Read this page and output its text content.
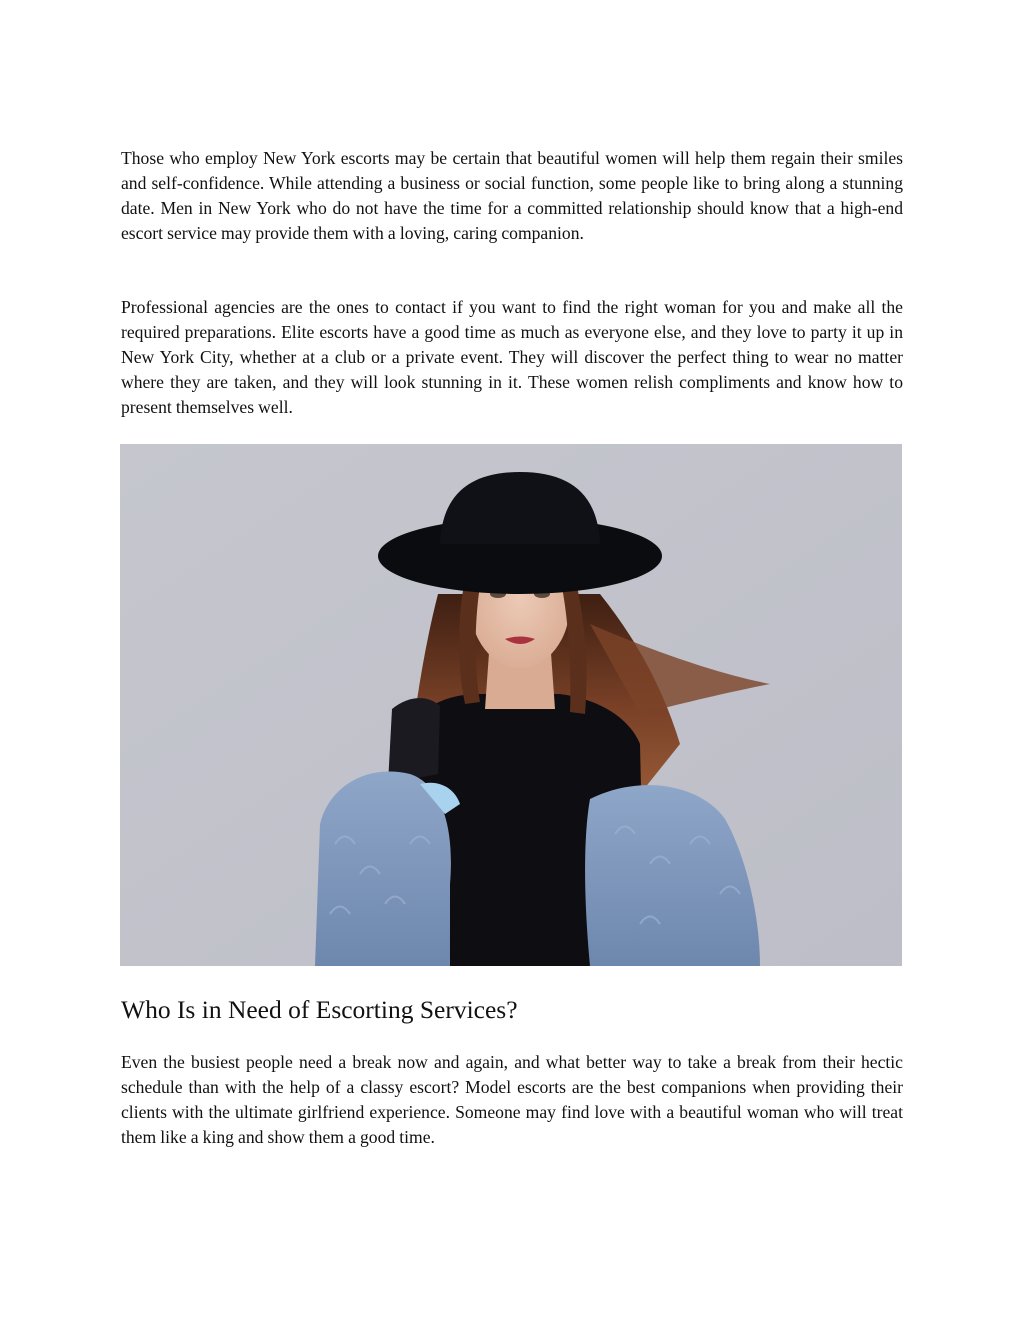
Those who employ New York escorts may be certain that beautiful women will help them regain their smiles and self-confidence. While attending a business or social function, some people like to bring along a stunning date. Men in New York who do not have the time for a committed relationship should know that a high-end escort service may provide them with a loving, caring companion.

Professional agencies are the ones to contact if you want to find the right woman for you and make all the required preparations. Elite escorts have a good time as much as everyone else, and they love to party it up in New York City, whether at a club or a private event. They will discover the perfect thing to wear no matter where they are taken, and they will look stunning in it. These women relish compliments and know how to present themselves well.

Who Is in Need of Escorting Services?

Even the busiest people need a break now and again, and what better way to take a break from their hectic schedule than with the help of a classy escort? Model escorts are the best companions when providing their clients with the ultimate girlfriend experience. Someone may find love with a beautiful woman who will treat them like a king and show them a good time.
